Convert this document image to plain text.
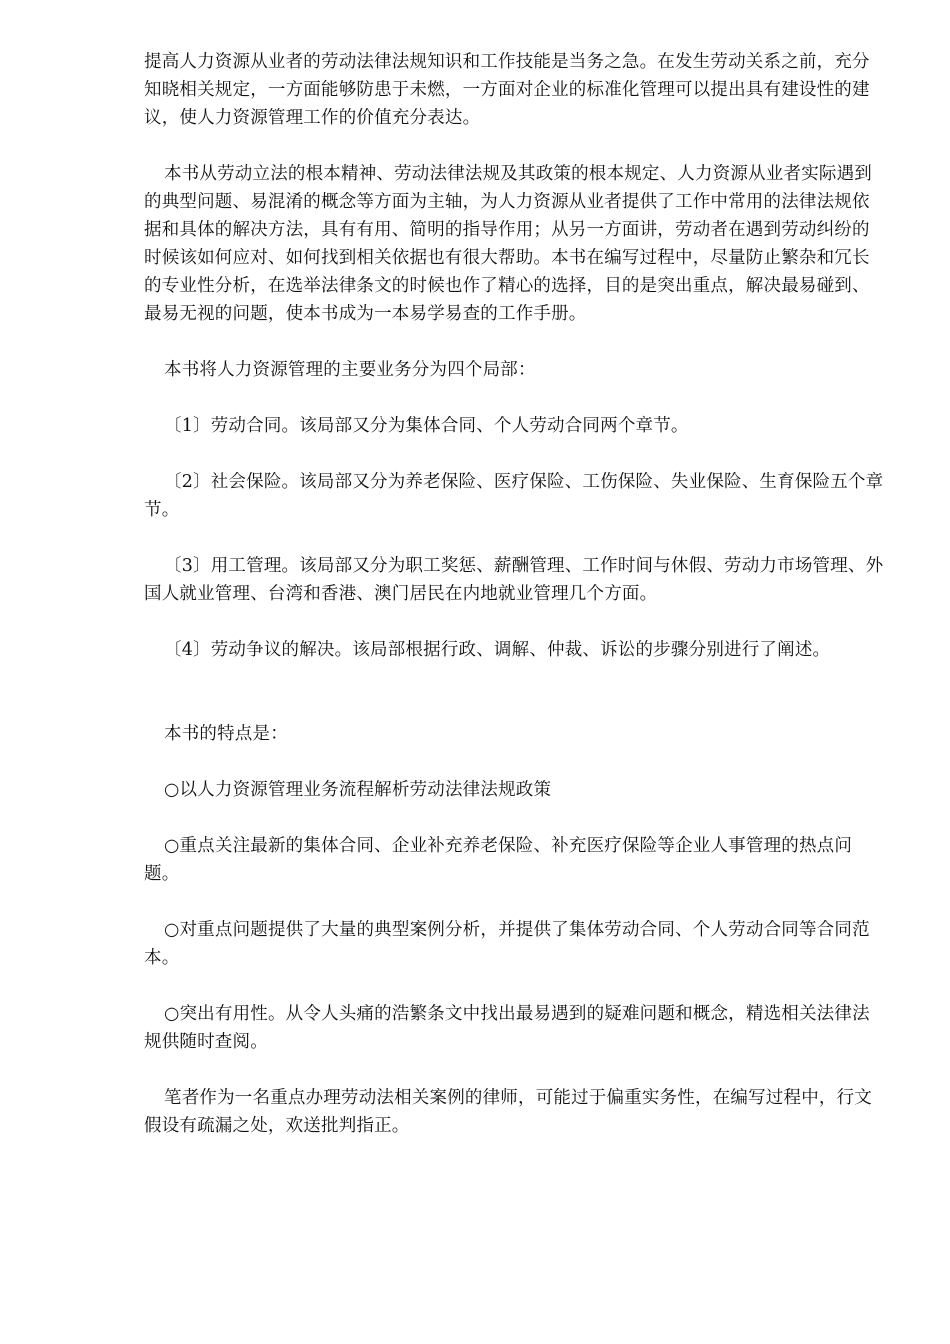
提高人力资源从业者的劳动法律法规知识和工作技能是当务之急。在发生劳动关系之前，充分知晓相关规定，一方面能够防患于未燃，一方面对企业的标准化管理可以提出具有建设性的建议，使人力资源管理工作的价值充分表达。

本书从劳动立法的根本精神、劳动法律法规及其政策的根本规定、人力资源从业者实际遇到的典型问题、易混淆的概念等方面为主轴，为人力资源从业者提供了工作中常用的法律法规依据和具体的解决方法，具有有用、简明的指导作用；从另一方面讲，劳动者在遇到劳动纠纷的时候该如何应对、如何找到相关依据也有很大帮助。本书在编写过程中，尽量防止繁杂和冗长的专业性分析，在选举法律条文的时候也作了精心的选择，目的是突出重点，解决最易碰到、最易无视的问题，使本书成为一本易学易查的工作手册。

本书将人力资源管理的主要业务分为四个局部：

〔1〕劳动合同。该局部又分为集体合同、个人劳动合同两个章节。

〔2〕社会保险。该局部又分为养老保险、医疗保险、工伤保险、失业保险、生育保险五个章节。

〔3〕用工管理。该局部又分为职工奖惩、薪酬管理、工作时间与休假、劳动力市场管理、外国人就业管理、台湾和香港、澳门居民在内地就业管理几个方面。

〔4〕劳动争议的解决。该局部根据行政、调解、仲裁、诉讼的步骤分别进行了阐述。

本书的特点是：

○以人力资源管理业务流程解析劳动法律法规政策

○重点关注最新的集体合同、企业补充养老保险、补充医疗保险等企业人事管理的热点问题。

○对重点问题提供了大量的典型案例分析，并提供了集体劳动合同、个人劳动合同等合同范本。

○突出有用性。从令人头痛的浩繁条文中找出最易遇到的疑难问题和概念，精选相关法律法规供随时查阅。

笔者作为一名重点办理劳动法相关案例的律师，可能过于偏重实务性，在编写过程中，行文假设有疏漏之处，欢送批判指正。
